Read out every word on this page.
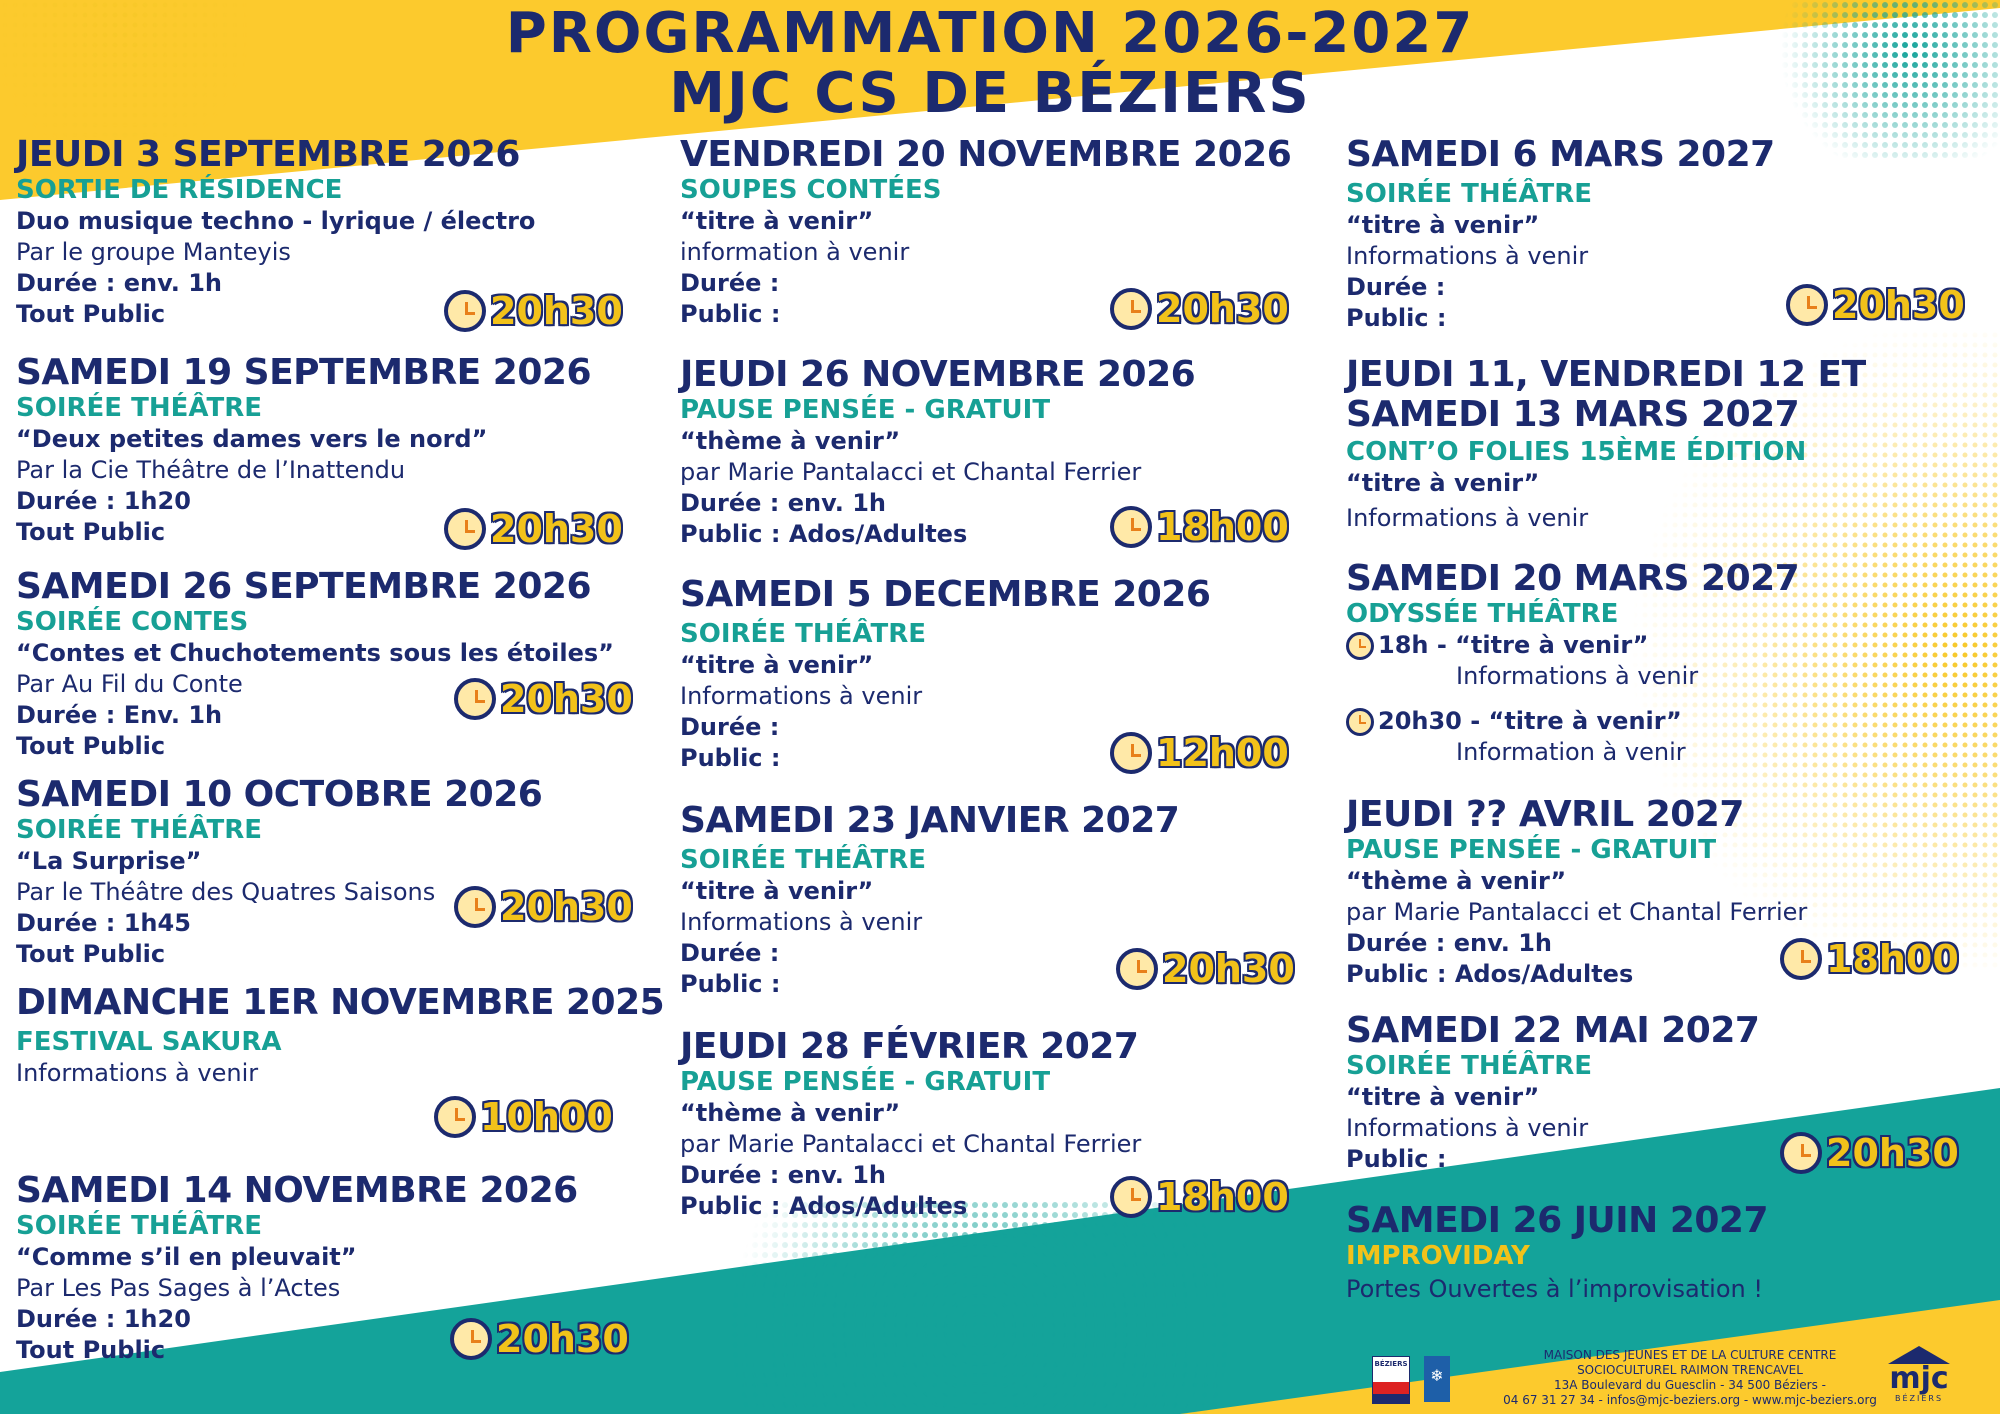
PROGRAMMATION 2026-2027
MJC CS DE BÉZIERS
JEUDI 3 SEPTEMBRE 2026
SORTIE DE RÉSIDENCE
Duo musique techno - lyrique / électro
Par le groupe Manteyis
Durée : env. 1h
Tout Public	20h30
SAMEDI 19 SEPTEMBRE 2026
SOIRÉE THÉÂTRE
“Deux petites dames vers le nord”
Par la Cie Théâtre de l’Inattendu
Durée : 1h20
Tout Public	20h30
SAMEDI 26 SEPTEMBRE 2026
SOIRÉE CONTES
“Contes et Chuchotements sous les étoiles”
Par Au Fil du Conte
Durée : Env. 1h
Tout Public
20h30
SAMEDI 10 OCTOBRE 2026
SOIRÉE THÉÂTRE
“La Surprise”
Par le Théâtre des Quatres Saisons
Durée : 1h45
Tout Public
20h30
DIMANCHE 1ER NOVEMBRE 2025
FESTIVAL SAKURA
Informations à venir
10h00
SAMEDI 14 NOVEMBRE 2026
SOIRÉE THÉÂTRE
“Comme s’il en pleuvait”
Par Les Pas Sages à l’Actes
Durée : 1h20
Tout Public	20h30
VENDREDI 20 NOVEMBRE 2026
SOUPES CONTÉES
“titre à venir”
information à venir
Durée :
Public :	20h30
JEUDI 26 NOVEMBRE 2026
PAUSE PENSÉE - GRATUIT
“thème à venir”
par Marie Pantalacci et Chantal Ferrier
Durée : env. 1h
Public : Ados/Adultes	18h00
SAMEDI 5 DECEMBRE 2026
SOIRÉE THÉÂTRE
“titre à venir”
Informations à venir
Durée :
Public :	12h00
SAMEDI 23 JANVIER 2027
SOIRÉE THÉÂTRE
“titre à venir”
Informations à venir
Durée :
Public :	20h30
JEUDI 28 FÉVRIER 2027
PAUSE PENSÉE - GRATUIT
“thème à venir”
par Marie Pantalacci et Chantal Ferrier
Durée : env. 1h
Public : Ados/Adultes	18h00
SAMEDI 6 MARS 2027
SOIRÉE THÉÂTRE
“titre à venir”
Informations à venir
Durée :
Public :	20h30
JEUDI 11, VENDREDI 12 ET SAMEDI 13 MARS 2027
CONT’O FOLIES 15ÈME ÉDITION
“titre à venir”
Informations à venir
SAMEDI 20 MARS 2027
ODYSSÉE THÉÂTRE
18h - “titre à venir”
Informations à venir
20h30 - “titre à venir”
Information à venir
JEUDI ?? AVRIL 2027
PAUSE PENSÉE - GRATUIT
“thème à venir”
par Marie Pantalacci et Chantal Ferrier
Durée : env. 1h
Public : Ados/Adultes	18h00
SAMEDI 22 MAI 2027
SOIRÉE THÉÂTRE
“titre à venir”
Informations à venir
Public :	20h30
SAMEDI 26 JUIN 2027
IMPROVIDAY
Portes Ouvertes à l’improvisation !
BÉZIERS
❄
MAISON DES JEUNES ET DE LA CULTURE CENTRE
SOCIOCULTUREL RAIMON TRENCAVEL
13A Boulevard du Guesclin - 34 500 Béziers -
04 67 31 27 34 - infos@mjc-beziers.org - www.mjc-beziers.org
mjc
BÉZIERS
